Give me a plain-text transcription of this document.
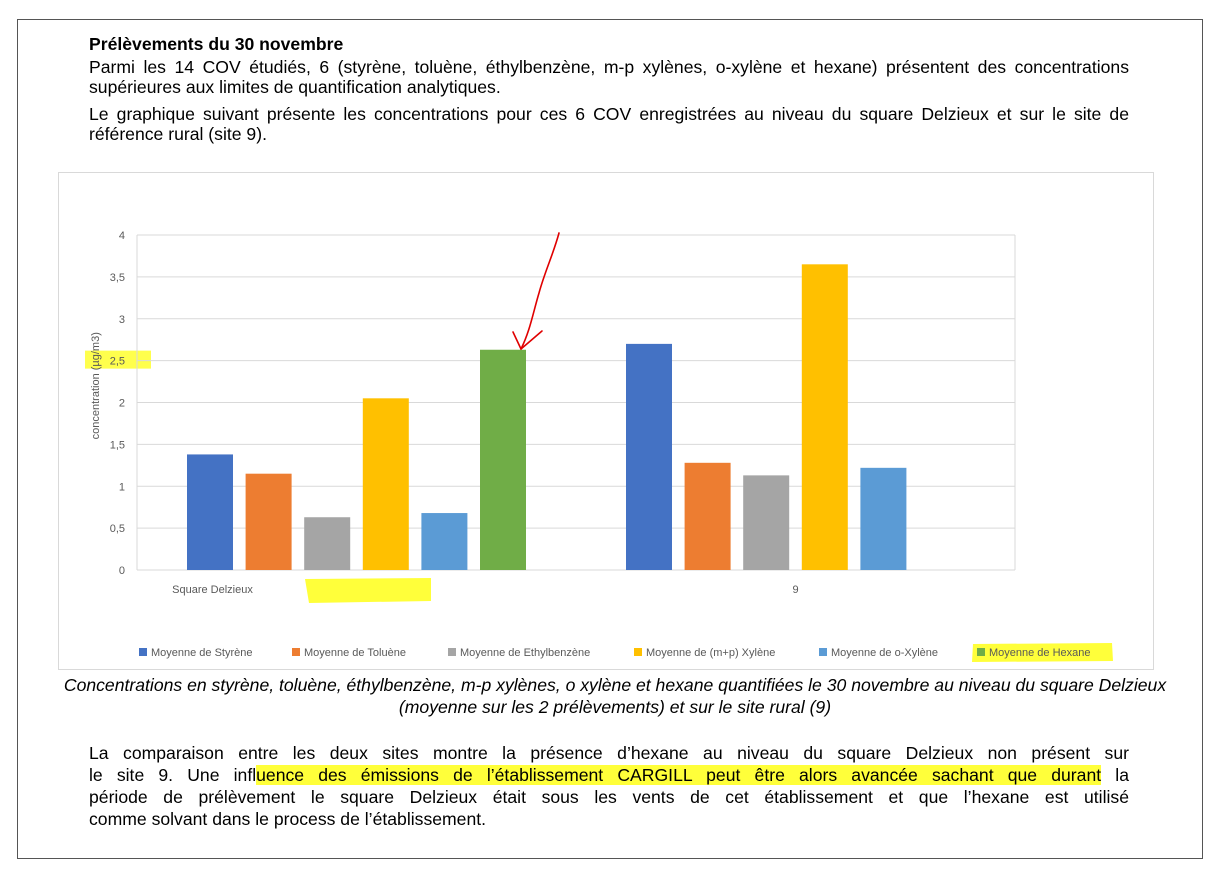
Prélèvements du 30 novembre

Parmi les 14 COV étudiés, 6 (styrène, toluène, éthylbenzène, m-p xylènes, o-xylène et hexane) présentent des concentrations supérieures aux limites de quantification analytiques.

Le graphique suivant présente les concentrations pour ces 6 COV enregistrées au niveau du square Delzieux et sur le site de référence rural (site 9).

0
0,5
1
1,5
2
2,5
3
3,5
4
concentration (µg/m3)
Square Delzieux	9
Moyenne de Styrène	Moyenne de Toluène	Moyenne de Ethylbenzène	Moyenne de (m+p) Xylène	Moyenne de o-Xylène	Moyenne de Hexane

Concentrations en styrène, toluène, éthylbenzène, m-p xylènes, o xylène et hexane quantifiées le 30 novembre au niveau du square Delzieux (moyenne sur les 2 prélèvements) et sur le site rural (9)

La comparaison entre les deux sites montre la présence d’hexane au niveau du square Delzieux non présent sur
le site 9. Une influence des émissions de l’établissement CARGILL peut être alors avancée sachant que durant la
période de prélèvement le square Delzieux était sous les vents de cet établissement et que l’hexane est utilisé
comme solvant dans le process de l’établissement.
